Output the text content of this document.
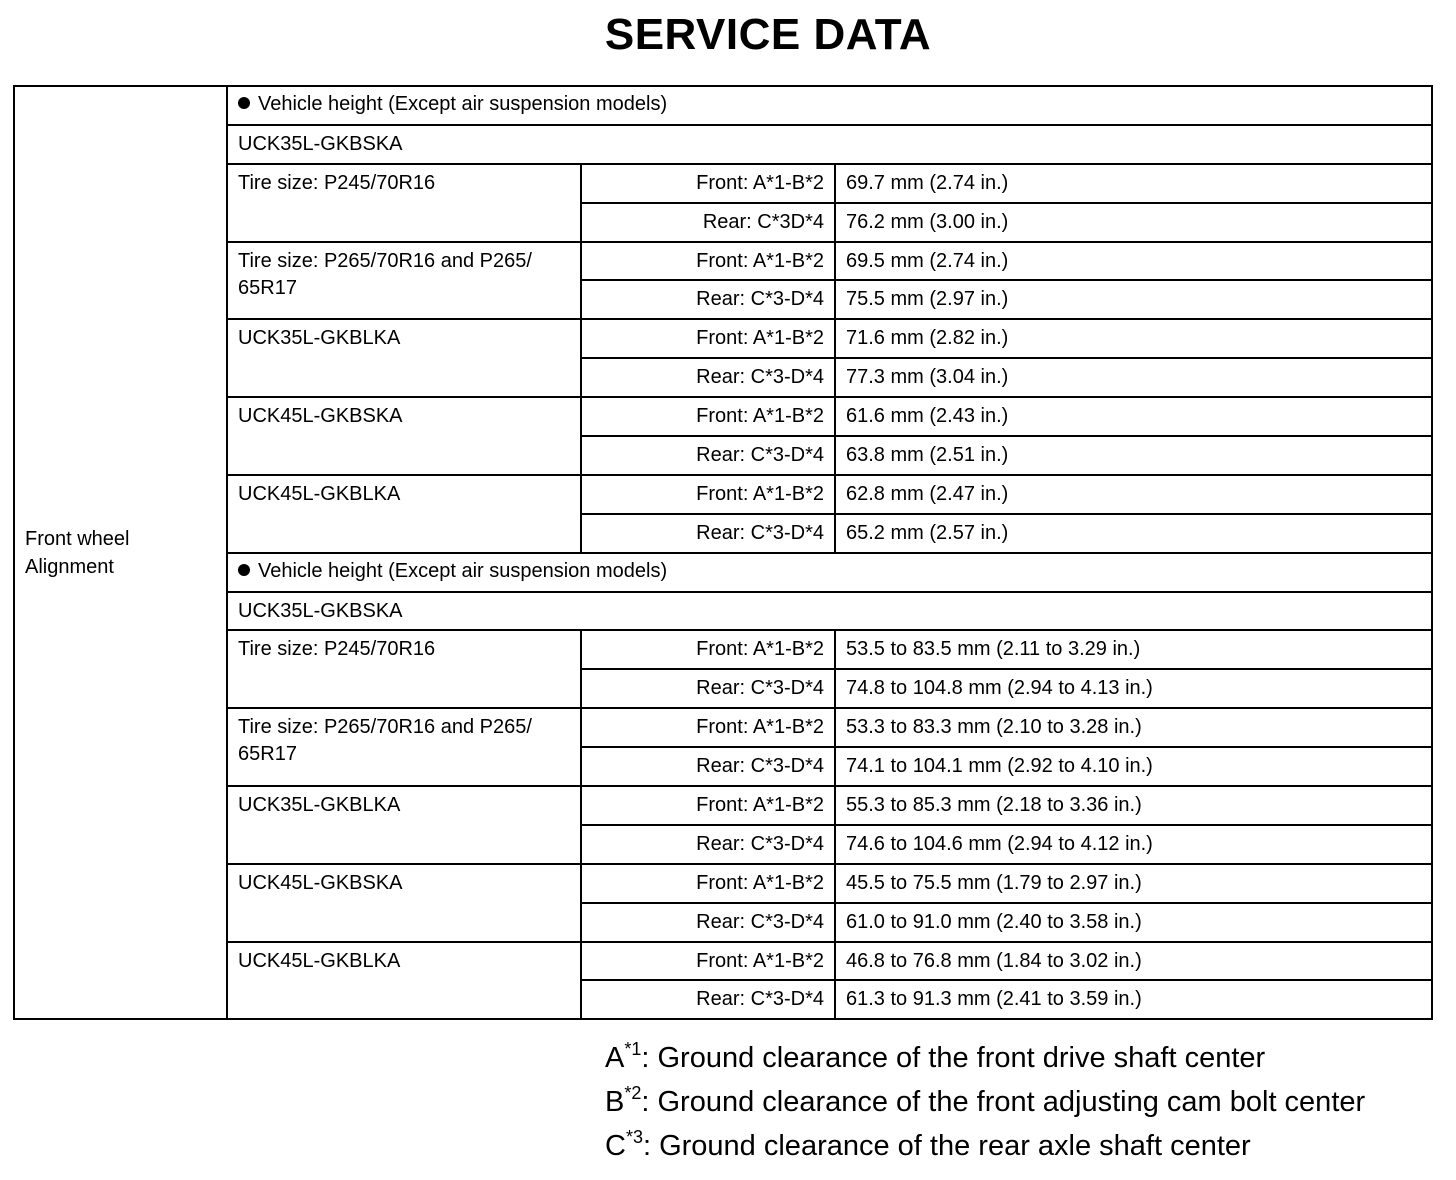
SERVICE DATA
Front wheel
Alignment	Vehicle height (Except air suspension models)		
	UCK35L-GKBSKA		
	Tire size: P245/70R16	Front: A*1-B*2	69.7 mm (2.74 in.)
		Rear: C*3D*4	76.2 mm (3.00 in.)
	Tire size: P265/70R16 and P265/ 65R17	Front: A*1-B*2	69.5 mm (2.74 in.)
		Rear: C*3-D*4	75.5 mm (2.97 in.)
	UCK35L-GKBLKA	Front: A*1-B*2	71.6 mm (2.82 in.)
		Rear: C*3-D*4	77.3 mm (3.04 in.)
	UCK45L-GKBSKA	Front: A*1-B*2	61.6 mm (2.43 in.)
		Rear: C*3-D*4	63.8 mm (2.51 in.)
	UCK45L-GKBLKA	Front: A*1-B*2	62.8 mm (2.47 in.)
		Rear: C*3-D*4	65.2 mm (2.57 in.)
	Vehicle height (Except air suspension models)		
	UCK35L-GKBSKA		
	Tire size: P245/70R16	Front: A*1-B*2	53.5 to 83.5 mm (2.11 to 3.29 in.)
		Rear: C*3-D*4	74.8 to 104.8 mm (2.94 to 4.13 in.)
	Tire size: P265/70R16 and P265/ 65R17	Front: A*1-B*2	53.3 to 83.3 mm (2.10 to 3.28 in.)
		Rear: C*3-D*4	74.1 to 104.1 mm (2.92 to 4.10 in.)
	UCK35L-GKBLKA	Front: A*1-B*2	55.3 to 85.3 mm (2.18 to 3.36 in.)
		Rear: C*3-D*4	74.6 to 104.6 mm (2.94 to 4.12 in.)
	UCK45L-GKBSKA	Front: A*1-B*2	45.5 to 75.5 mm (1.79 to 2.97 in.)
		Rear: C*3-D*4	61.0 to 91.0 mm (2.40 to 3.58 in.)
	UCK45L-GKBLKA	Front: A*1-B*2	46.8 to 76.8 mm (1.84 to 3.02 in.)
		Rear: C*3-D*4	61.3 to 91.3 mm (2.41 to 3.59 in.)
$A^{*1}$: Ground clearance of the front drive shaft center
$B^{*2}$: Ground clearance of the front adjusting cam bolt center
$C^{*3}$: Ground clearance of the rear axle shaft center
